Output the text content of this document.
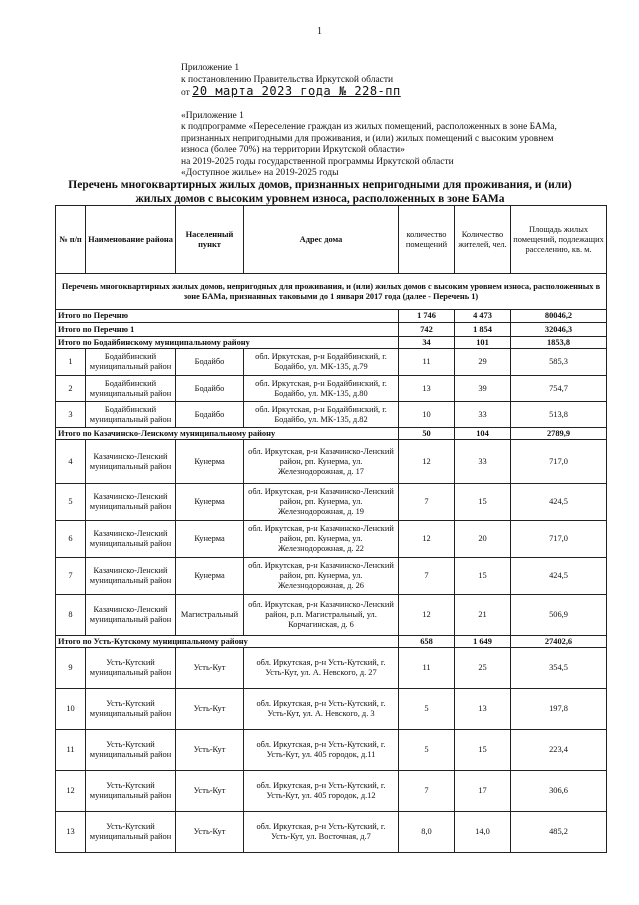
1
Приложение 1
к постановлению Правительства Иркутской области
от 20 марта 2023 года № 228-пп
«Приложение 1
к подпрограмме «Переселение граждан из жилых помещений, расположенных в зоне БАМа,
признанных непригодными для проживания, и (или) жилых помещений с высоким уровнем
износа (более 70%) на территории Иркутской области»
на 2019-2025 годы государственной программы Иркутской области
«Доступное жилье» на 2019-2025 годы
Перечень многоквартирных жилых домов, признанных непригодными для проживания, и (или)
жилых домов с высоким уровнем износа, расположенных в зоне БАМа
№ п/п	Наименование района	Населенный пункт	Адрес дома	количество помещений	Количество жителей, чел.	Площадь жилых помещений, подлежащих расселению, кв. м.
Перечень многоквартирных жилых домов, непригодных для проживания, и (или) жилых домов с высоким уровнем износа, расположенных в зоне БАМа, признанных таковыми до 1 января 2017 года (далее - Перечень 1)						
Итого по Перечню				1 746	4 473	80046,2
Итого по Перечню 1				742	1 854	32046,3
Итого по Бодайбинскому муниципальному району				34	101	1853,8
1	Бодайбинский муниципальный район	Бодайбо	обл. Иркутская, р-н Бодайбинский, г. Бодайбо, ул. МК-135, д.79	11	29	585,3
2	Бодайбинский муниципальный район	Бодайбо	обл. Иркутская, р-н Бодайбинский, г. Бодайбо, ул. МК-135, д.80	13	39	754,7
3	Бодайбинский муниципальный район	Бодайбо	обл. Иркутская, р-н Бодайбинский, г. Бодайбо, ул. МК-135, д.82	10	33	513,8
Итого по Казачинско-Ленскому муниципальному району				50	104	2789,9
4	Казачинско-Ленский муниципальный район	Кунерма	обл. Иркутская, р-н Казачинско-Ленский район, рп. Кунерма, ул. Железнодорожная, д. 17	12	33	717,0
5	Казачинско-Ленский муниципальный район	Кунерма	обл. Иркутская, р-н Казачинско-Ленский район, рп. Кунерма, ул. Железнодорожная, д. 19	7	15	424,5
6	Казачинско-Ленский муниципальный район	Кунерма	обл. Иркутская, р-н Казачинско-Ленский район, рп. Кунерма, ул. Железнодорожная, д. 22	12	20	717,0
7	Казачинско-Ленский муниципальный район	Кунерма	обл. Иркутская, р-н Казачинско-Ленский район, рп. Кунерма, ул. Железнодорожная, д. 26	7	15	424,5
8	Казачинско-Ленский муниципальный район	Магистральный	обл. Иркутская, р-н Казачинско-Ленский район, р.п. Магистральный, ул. Корчагинская, д. 6	12	21	506,9
Итого по Усть-Кутскому муниципальному району				658	1 649	27402,6
9	Усть-Кутский муниципальный район	Усть-Кут	обл. Иркутская, р-н Усть-Кутский, г. Усть-Кут, ул. А. Невского, д. 27	11	25	354,5
10	Усть-Кутский муниципальный район	Усть-Кут	обл. Иркутская, р-н Усть-Кутский, г. Усть-Кут, ул. А. Невского, д. 3	5	13	197,8
11	Усть-Кутский муниципальный район	Усть-Кут	обл. Иркутская, р-н Усть-Кутский, г. Усть-Кут, ул. 405 городок, д.11	5	15	223,4
12	Усть-Кутский муниципальный район	Усть-Кут	обл. Иркутская, р-н Усть-Кутский, г. Усть-Кут, ул. 405 городок, д.12	7	17	306,6
13	Усть-Кутский муниципальный район	Усть-Кут	обл. Иркутская, р-н Усть-Кутский, г. Усть-Кут, ул. Восточная, д.7	8,0	14,0	485,2
